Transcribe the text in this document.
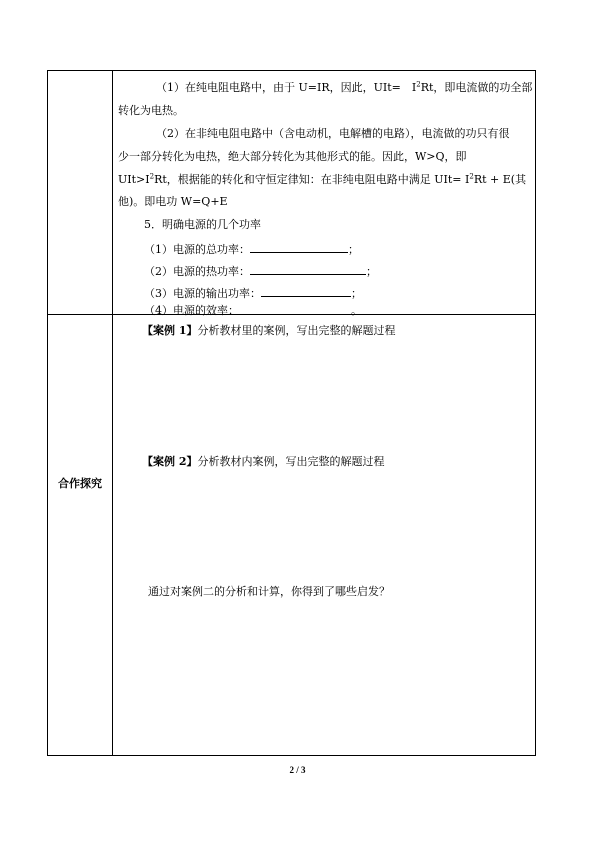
（1）在纯电阻电路中，由于 U=IR，因此，UIt=　$I^2Rt$，即电流做的功全部
转化为电热。
（2）在非纯电阻电路中（含电动机，电解槽的电路），电流做的功只有很
少一部分转化为电热，绝大部分转化为其他形式的能。因此，W>Q，即
$UIt>I^2Rt$，根据能的转化和守恒定律知：在非纯电阻电路中满足 $UIt= I^2Rt + E$(其
他)。即电功 W=Q+E
5．明确电源的几个功率
（1）电源的总功率：	；
（2）电源的热功率：	；
（3）电源的输出功率：	；
（4）电源的效率：	。
合作探究
【案例 1】分析教材里的案例，写出完整的解题过程
【案例 2】分析教材内案例，写出完整的解题过程
通过对案例二的分析和计算，你得到了哪些启发？
2 / 3
